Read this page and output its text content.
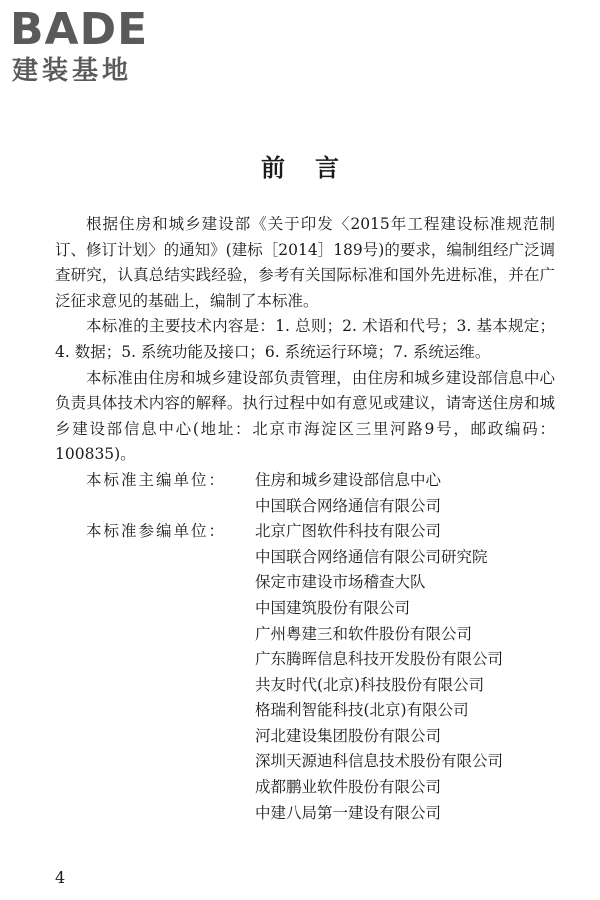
BADE
建装基地
前言

根据住房和城乡建设部《关于印发〈2015年工程建设标准规范制订、修订计划〉的通知》(建标［2014］189号)的要求，编制组经广泛调查研究，认真总结实践经验，参考有关国际标准和国外先进标准，并在广泛征求意见的基础上，编制了本标准。

本标准的主要技术内容是：1. 总则；2. 术语和代号；3. 基本规定；4. 数据；5. 系统功能及接口；6. 系统运行环境；7. 系统运维。

本标准由住房和城乡建设部负责管理，由住房和城乡建设部信息中心负责具体技术内容的解释。执行过程中如有意见或建议，请寄送住房和城乡建设部信息中心(地址：北京市海淀区三里河路9号，邮政编码：100835)。

本标准主编单位：	住房和城乡建设部信息中心
中国联合网络通信有限公司
本标准参编单位：	北京广图软件科技有限公司
中国联合网络通信有限公司研究院
保定市建设市场稽查大队
中国建筑股份有限公司
广州粤建三和软件股份有限公司
广东腾晖信息科技开发股份有限公司
共友时代(北京)科技股份有限公司
格瑞利智能科技(北京)有限公司
河北建设集团股份有限公司
深圳天源迪科信息技术股份有限公司
成都鹏业软件股份有限公司
中建八局第一建设有限公司
4
